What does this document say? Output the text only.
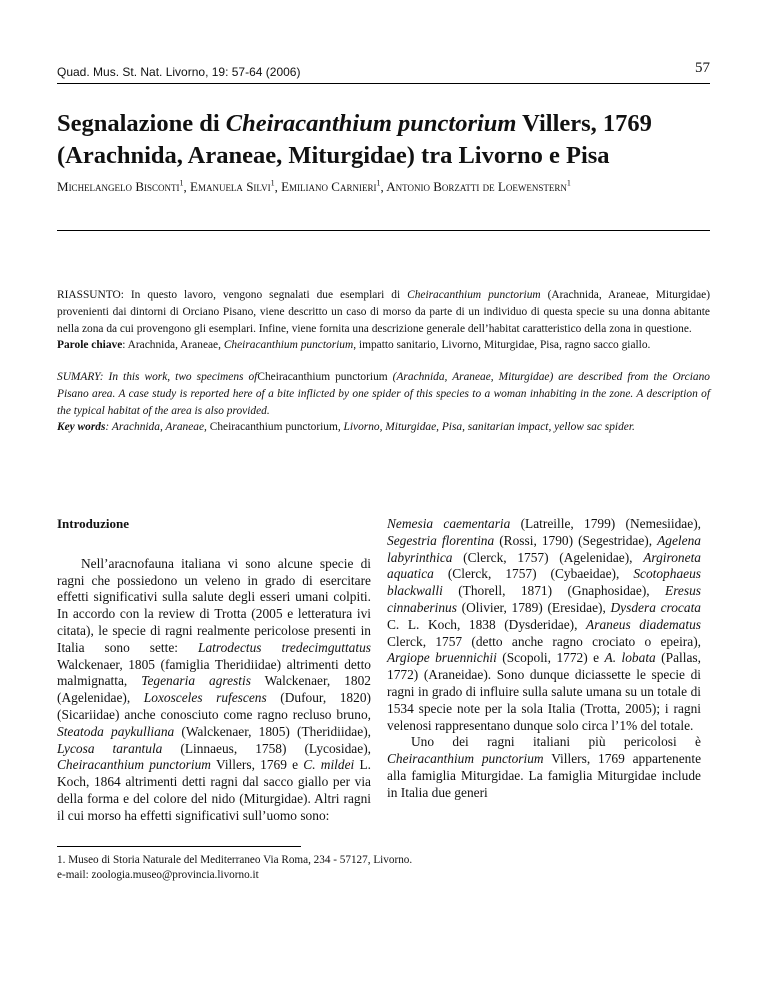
Quad. Mus. St. Nat. Livorno, 19: 57-64 (2006)	57
Segnalazione di Cheiracanthium punctorium Villers, 1769 (Arachnida, Araneae, Miturgidae) tra Livorno e Pisa
Michelangelo Bisconti$^1$, Emanuela Silvi$^1$, Emiliano Carnieri$^1$, Antonio Borzatti de Loewenstern$^1$
RIASSUNTO: In questo lavoro, vengono segnalati due esemplari di Cheiracanthium punctorium (Arachnida, Araneae, Miturgidae) provenienti dai dintorni di Orciano Pisano, viene descritto un caso di morso da parte di un individuo di questa specie su una donna abitante nella zona da cui provengono gli esemplari. Infine, viene fornita una descrizione generale dell’habitat caratteristico della zona in questione.
Parole chiave: Arachnida, Araneae, Cheiracanthium punctorium, impatto sanitario, Livorno, Miturgidae, Pisa, ragno sacco giallo.
SUMARY: In this work, two specimens ofCheiracanthium punctorium (Arachnida, Araneae, Miturgidae) are described from the Orciano Pisano area. A case study is reported here of a bite inflicted by one spider of this species to a woman inhabiting in the zone. A description of the typical habitat of the area is also provided.
Key words: Arachnida, Araneae, Cheiracanthium punctorium, Livorno, Miturgidae, Pisa, sanitarian impact, yellow sac spider.

Introduzione

Nell’aracnofauna italiana vi sono alcune specie di ragni che possiedono un veleno in grado di esercitare effetti significativi sulla salute degli esseri umani colpiti. In accordo con la review di Trotta (2005 e letteratura ivi citata), le specie di ragni realmente pericolose presenti in Italia sono sette: Latrodectus tredecimguttatus Walckenaer, 1805 (famiglia Theridiidae) altrimenti detto malmignatta, Tegenaria agrestis Walckenaer, 1802 (Agelenidae), Loxosceles rufescens (Dufour, 1820) (Sicariidae) anche conosciuto come ragno recluso bruno, Steatoda paykulliana (Walckenaer, 1805) (Theridiidae), Lycosa tarantula (Linnaeus, 1758) (Lycosidae), Cheiracanthium punctorium Villers, 1769 e C. mildei L. Koch, 1864 altrimenti detti ragni dal sacco giallo per via della forma e del colore del nido (Miturgidae). Altri ragni il cui morso ha effetti significativi sull’uomo sono:

Nemesia caementaria (Latreille, 1799) (Nemesiidae), Segestria florentina (Rossi, 1790) (Segestridae), Agelena labyrinthica (Clerck, 1757) (Agelenidae), Argironeta aquatica (Clerck, 1757) (Cybaeidae), Scotophaeus blackwalli (Thorell, 1871) (Gnaphosidae), Eresus cinnaberinus (Olivier, 1789) (Eresidae), Dysdera crocata C. L. Koch, 1838 (Dysderidae), Araneus diadematus Clerck, 1757 (detto anche ragno crociato o epeira), Argiope bruennichii (Scopoli, 1772) e A. lobata (Pallas, 1772) (Araneidae). Sono dunque diciassette le specie di ragni in grado di influire sulla salute umana su un totale di 1534 specie note per la sola Italia (Trotta, 2005); i ragni velenosi rappresentano dunque solo circa l’1% del totale.

Uno dei ragni italiani più pericolosi è Cheiracanthium punctorium Villers, 1769 appartenente alla famiglia Miturgidae. La famiglia Miturgidae include in Italia due generi

1. Museo di Storia Naturale del Mediterraneo Via Roma, 234 - 57127, Livorno.
e-mail: zoologia.museo@provincia.livorno.it
